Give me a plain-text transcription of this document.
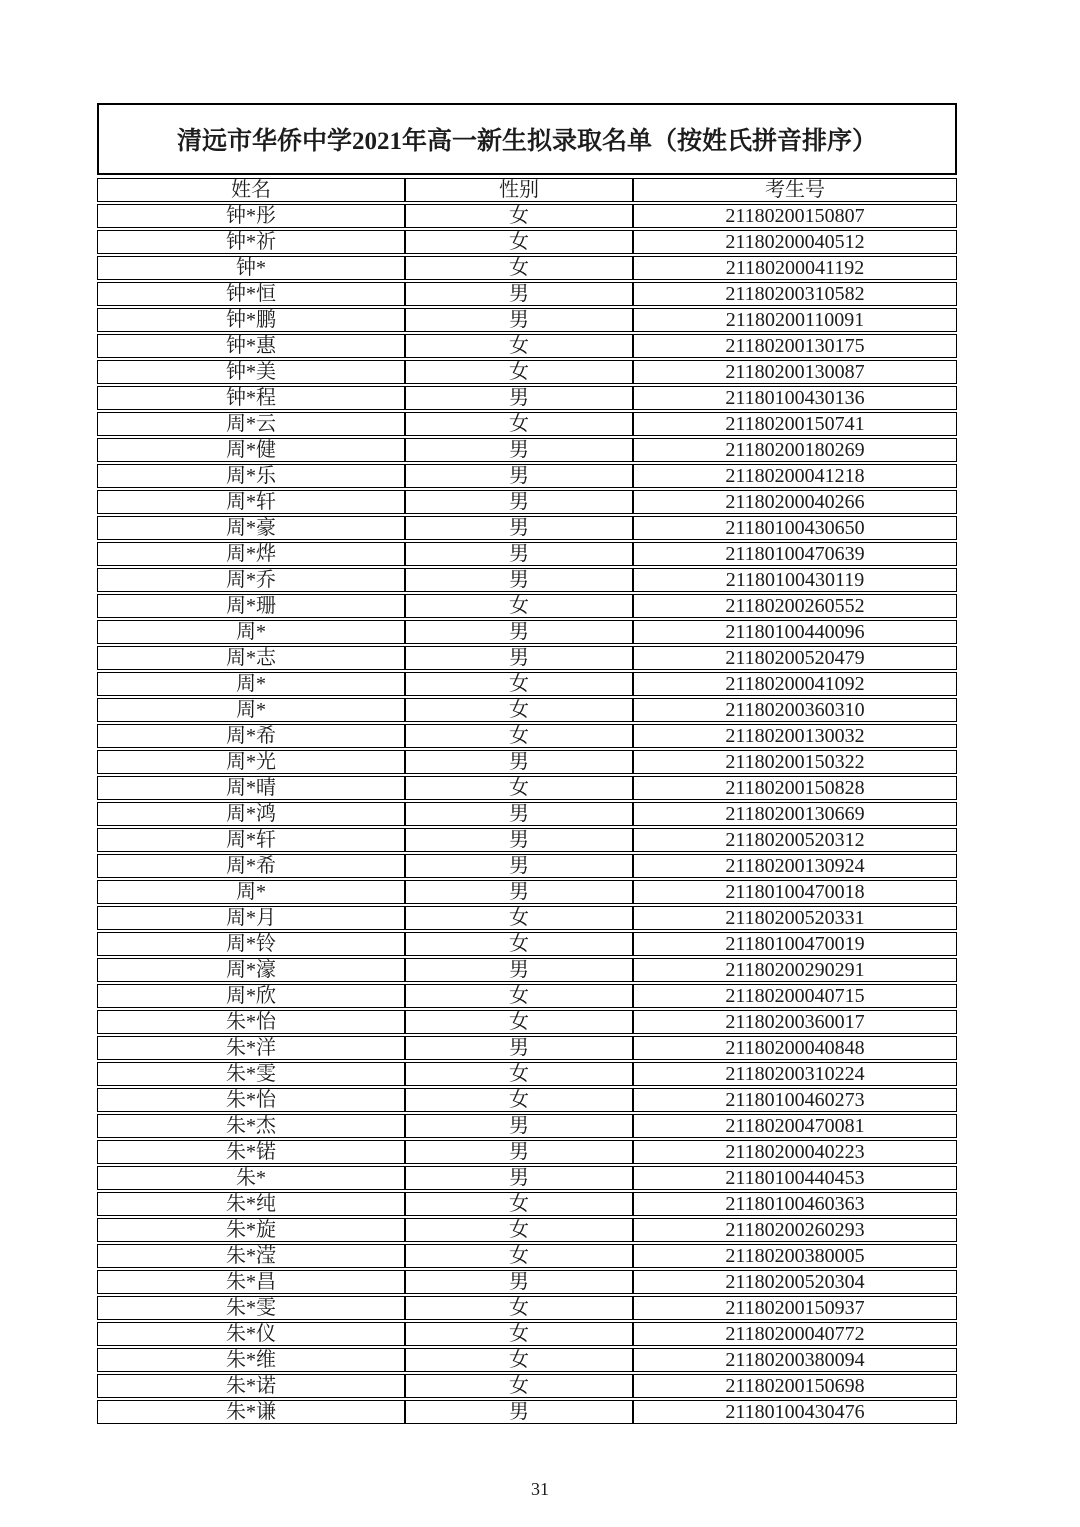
清远市华侨中学2021年高一新生拟录取名单（按姓氏拼音排序）
姓名	性别	考生号
钟*彤	女	21180200150807
钟*祈	女	21180200040512
钟*	女	21180200041192
钟*恒	男	21180200310582
钟*鹏	男	21180200110091
钟*惠	女	21180200130175
钟*美	女	21180200130087
钟*程	男	21180100430136
周*云	女	21180200150741
周*健	男	21180200180269
周*乐	男	21180200041218
周*轩	男	21180200040266
周*豪	男	21180100430650
周*烨	男	21180100470639
周*乔	男	21180100430119
周*珊	女	21180200260552
周*	男	21180100440096
周*志	男	21180200520479
周*	女	21180200041092
周*	女	21180200360310
周*希	女	21180200130032
周*光	男	21180200150322
周*晴	女	21180200150828
周*鸿	男	21180200130669
周*轩	男	21180200520312
周*希	男	21180200130924
周*	男	21180100470018
周*月	女	21180200520331
周*铃	女	21180100470019
周*濠	男	21180200290291
周*欣	女	21180200040715
朱*怡	女	21180200360017
朱*洋	男	21180200040848
朱*雯	女	21180200310224
朱*怡	女	21180100460273
朱*杰	男	21180200470081
朱*锘	男	21180200040223
朱*	男	21180100440453
朱*纯	女	21180100460363
朱*旋	女	21180200260293
朱*滢	女	21180200380005
朱*昌	男	21180200520304
朱*雯	女	21180200150937
朱*仪	女	21180200040772
朱*维	女	21180200380094
朱*诺	女	21180200150698
朱*谦	男	21180100430476
31
